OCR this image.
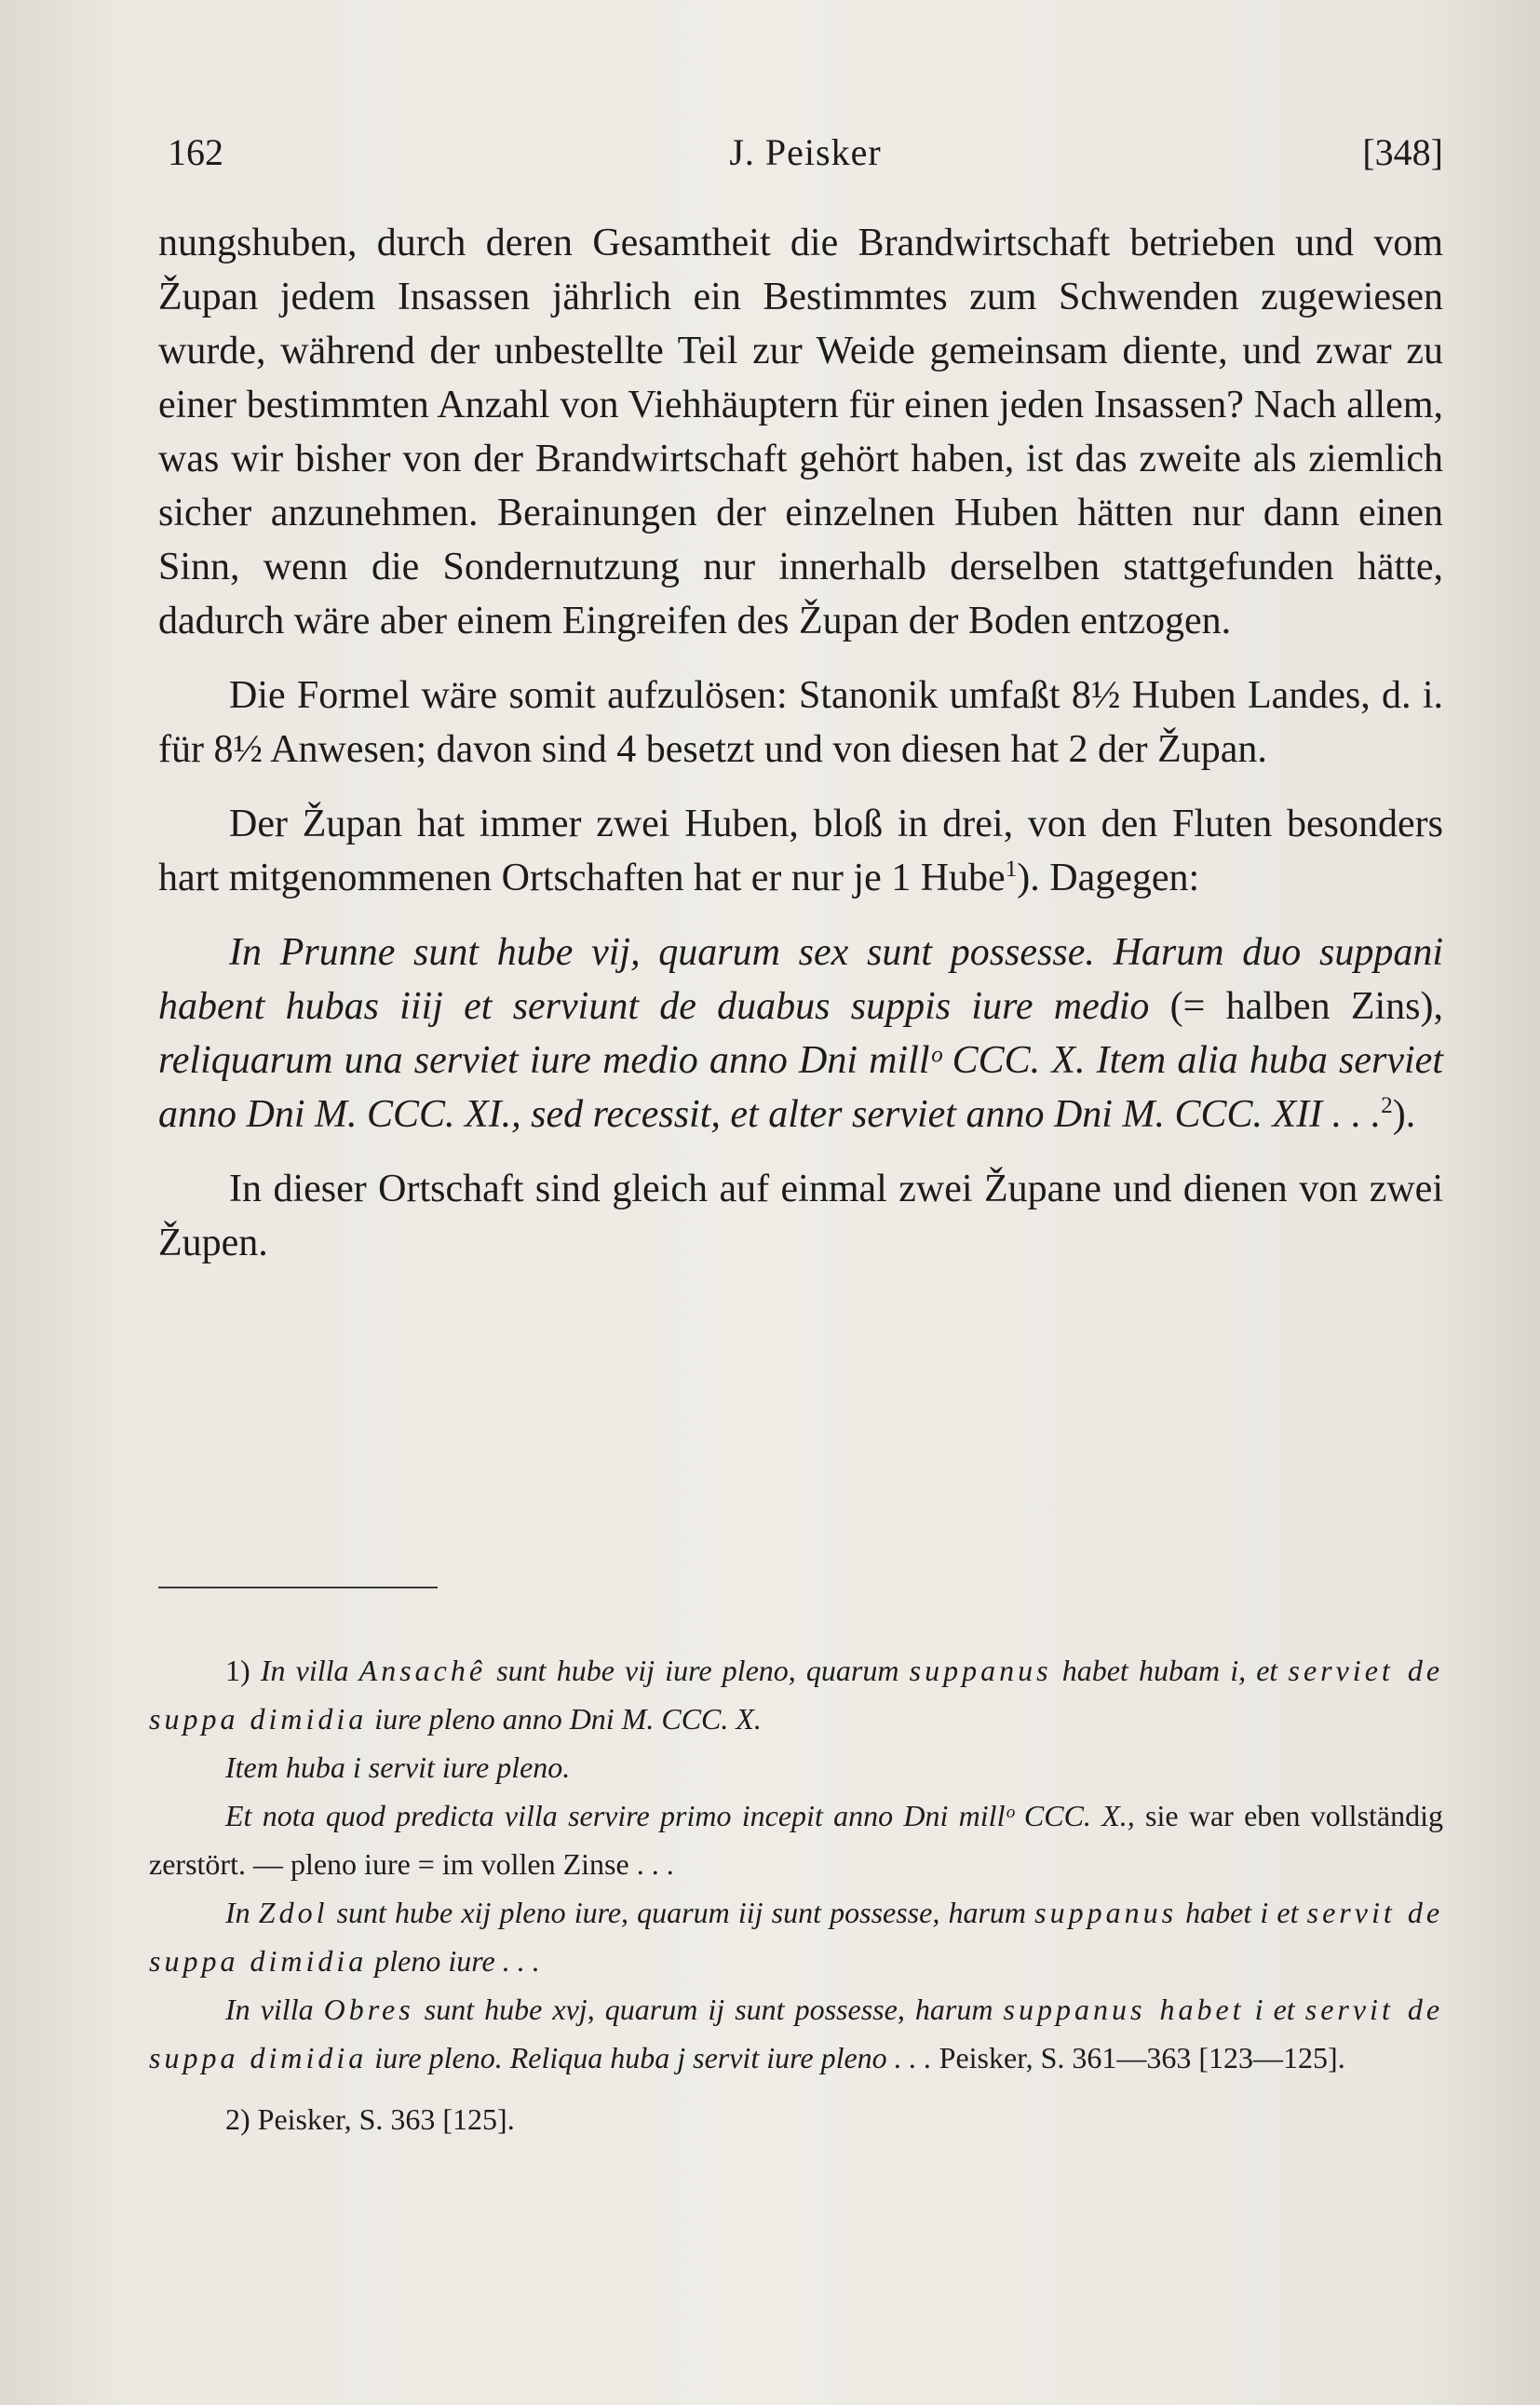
162	J. Peisker	[348]

nungshuben, durch deren Gesamtheit die Brandwirtschaft betrieben und vom Župan jedem Insassen jährlich ein Bestimmtes zum Schwenden zugewiesen wurde, während der unbestellte Teil zur Weide gemeinsam diente, und zwar zu einer bestimmten Anzahl von Viehhäuptern für einen jeden Insassen? Nach allem, was wir bisher von der Brandwirtschaft gehört haben, ist das zweite als ziemlich sicher anzunehmen. Berainungen der einzelnen Huben hätten nur dann einen Sinn, wenn die Sondernutzung nur innerhalb derselben stattgefunden hätte, dadurch wäre aber einem Eingreifen des Župan der Boden entzogen.

Die Formel wäre somit aufzulösen: Stanonik umfaßt 8½ Huben Landes, d. i. für 8½ Anwesen; davon sind 4 besetzt und von diesen hat 2 der Župan.

Der Župan hat immer zwei Huben, bloß in drei, von den Fluten besonders hart mitgenommenen Ortschaften hat er nur je 1 Hube$^1$). Dagegen:

In Prunne sunt hube vij, quarum sex sunt possesse. Harum duo suppani habent hubas iiij et serviunt de duabus suppis iure medio (= halben Zins), reliquarum una serviet iure medio anno Dni millᵒ CCC. X. Item alia huba serviet anno Dni M. CCC. XI., sed recessit, et alter serviet anno Dni M. CCC. XII . . .$^2$).

In dieser Ortschaft sind gleich auf einmal zwei Župane und dienen von zwei Župen.

1) In villa Ansachê sunt hube vij iure pleno, quarum suppanus habet hubam i, et serviet de suppa dimidia iure pleno anno Dni M. CCC. X.

Item huba i servit iure pleno.

Et nota quod predicta villa servire primo incepit anno Dni millᵒ CCC. X., sie war eben vollständig zerstört. — pleno iure = im vollen Zinse . . .

In Zdol sunt hube xij pleno iure, quarum iij sunt possesse, harum suppanus habet i et servit de suppa dimidia pleno iure . . .

In villa Obres sunt hube xvj, quarum ij sunt possesse, harum suppanus habet i et servit de suppa dimidia iure pleno. Reliqua huba j servit iure pleno . . . Peisker, S. 361—363 [123—125].

2) Peisker, S. 363 [125].
